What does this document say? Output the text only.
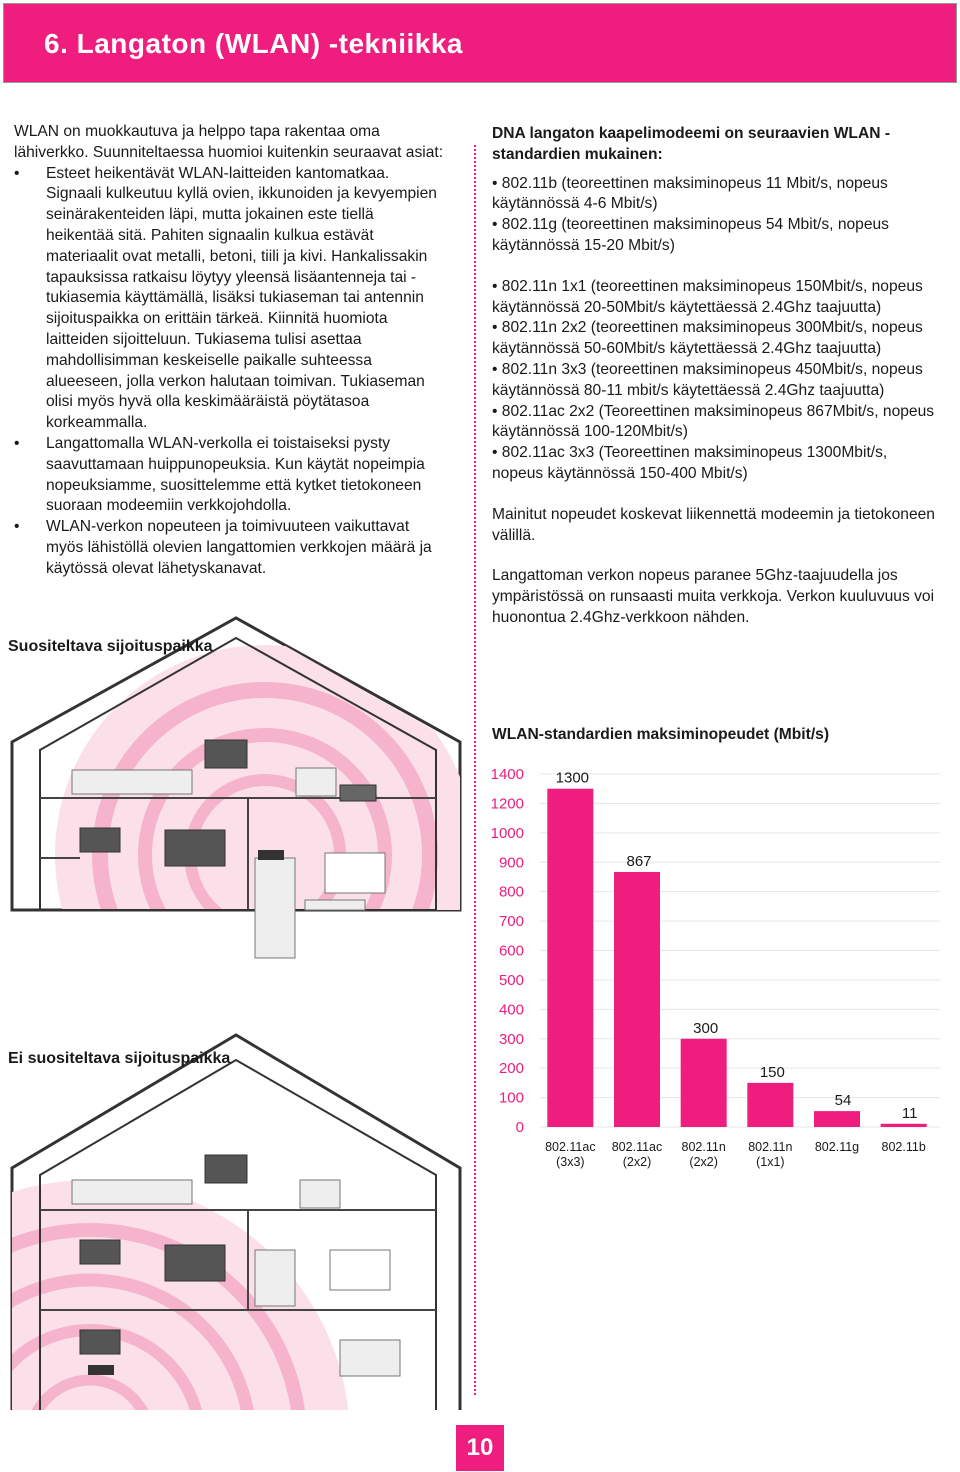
6. Langaton (WLAN) -tekniikka

WLAN on muokkautuva ja helppo tapa rakentaa oma lähiverkko. Suunniteltaessa huomioi kuitenkin seuraavat asiat:

• Esteet heikentävät WLAN-laitteiden kantomatkaa. Signaali kulkeutuu kyllä ovien, ikkunoiden ja kevyempien seinärakenteiden läpi, mutta jokainen este tiellä heikentää sitä. Pahiten signaalin kulkua estävät materiaalit ovat metalli, betoni, tiili ja kivi. Hankalissakin tapauksissa ratkaisu löytyy yleensä lisäantenneja tai -tukiasemia käyttämällä, lisäksi tukiaseman tai antennin sijoituspaikka on erittäin tärkeä. Kiinnitä huomiota laitteiden sijoitteluun. Tukiasema tulisi asettaa mahdollisimman keskeiselle paikalle suhteessa alueeseen, jolla verkon halutaan toimivan. Tukiaseman olisi myös hyvä olla keskimääräistä pöytätasoa korkeammalla.
• Langattomalla WLAN-verkolla ei toistaiseksi pysty saavuttamaan huippunopeuksia. Kun käytät nopeimpia nopeuksiamme, suosittelemme että kytket tietokoneen suoraan modeemiin verkkojohdolla.
• WLAN-verkon nopeuteen ja toimivuuteen vaikuttavat myös lähistöllä olevien langattomien verkkojen määrä ja käytössä olevat lähetyskanavat.
DNA langaton kaapelimodeemi on seuraavien WLAN -standardien mukainen:

• 802.11b (teoreettinen maksiminopeus 11 Mbit/s, nopeus käytännössä 4-6 Mbit/s)

• 802.11g (teoreettinen maksiminopeus 54 Mbit/s, nopeus käytännössä 15-20 Mbit/s)

• 802.11n 1x1 (teoreettinen maksiminopeus 150Mbit/s, nopeus käytännössä 20-50Mbit/s käytettäessä 2.4Ghz taajuutta)

• 802.11n 2x2 (teoreettinen maksiminopeus 300Mbit/s, nopeus käytännössä 50-60Mbit/s käytettäessä 2.4Ghz taajuutta)

• 802.11n 3x3 (teoreettinen maksiminopeus 450Mbit/s, nopeus käytännössä 80-11 mbit/s käytettäessä 2.4Ghz taajuutta)

• 802.11ac 2x2 (Teoreettinen maksiminopeus 867Mbit/s, nopeus käytännössä 100-120Mbit/s)

• 802.11ac 3x3 (Teoreettinen maksiminopeus 1300Mbit/s, nopeus käytännössä 150-400 Mbit/s)

Mainitut nopeudet koskevat liikennettä modeemin ja tietokoneen välillä.

Langattoman verkon nopeus paranee 5Ghz-taajuudella jos ympäristössä on runsaasti muita verkkoja. Verkon kuuluvuus voi huonontua 2.4Ghz-verkkoon nähden.

WLAN-standardien maksiminopeudet (Mbit/s)
0
100
200
300
400
500
600
700
800
900
1000
1200
1400 1300
802.11ac
(3x3)
867
802.11ac
(2x2)
300
802.11n
(2x2)
150
802.11n
(1x1)
54
802.11g
11
802.11b
Suositeltava sijoituspaikka
Ei suositeltava sijoituspaikka
10
